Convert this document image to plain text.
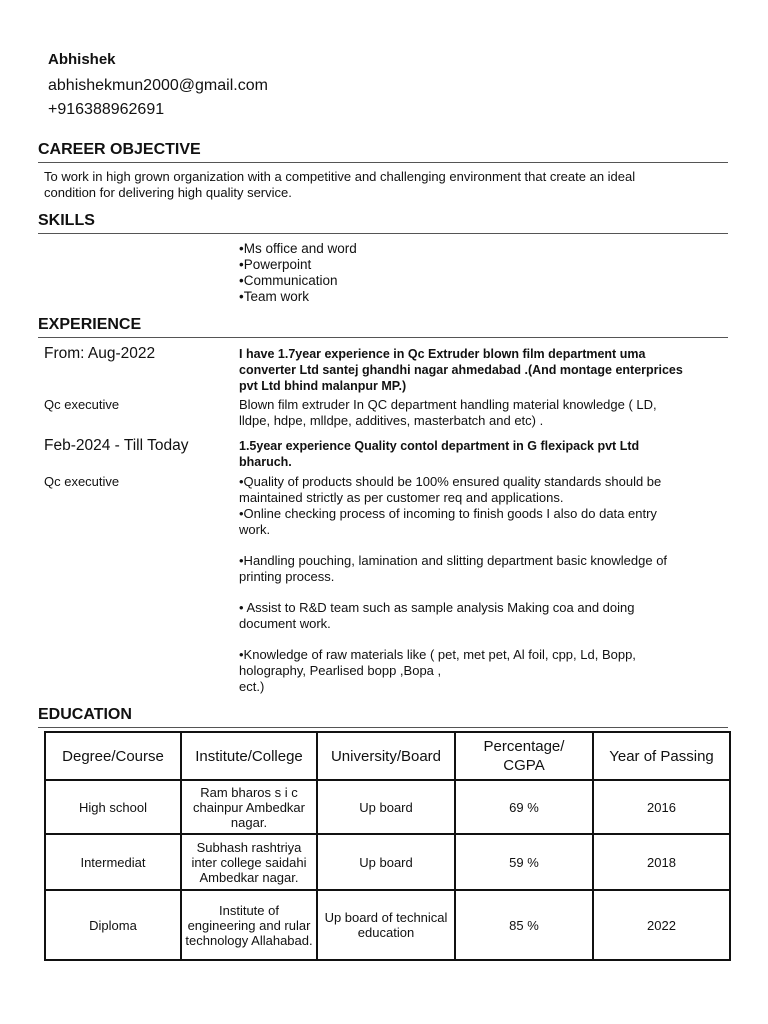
Abhishek
abhishekmun2000@gmail.com
+916388962691
CAREER OBJECTIVE
To work in high grown organization with a competitive and challenging environment that create an ideal
condition for delivering high quality service.
SKILLS
•Ms office and word
•Powerpoint
•Communication
•Team work
EXPERIENCE
From: Aug-2022	I have 1.7year experience in Qc Extruder blown film department uma

converter Ltd santej ghandhi nagar ahmedabad .(And montage enterprices

pvt Ltd bhind malanpur MP.)

Qc executive	Blown film extruder In QC department handling material knowledge ( LD,

lldpe, hdpe, mlldpe, additives, masterbatch and etc) .

Feb-2024 - Till Today	1.5year experience Quality contol department in G flexipack pvt Ltd

bharuch.

Qc executive	•Quality of products should be 100% ensured quality standards should be

maintained strictly as per customer req and applications.

•Online checking process of incoming to finish goods I also do data entry

work.

•Handling pouching, lamination and slitting department basic knowledge of

printing process.

• Assist to R&D team such as sample analysis Making coa and doing

document work.

•Knowledge of raw materials like ( pet, met pet, Al foil, cpp, Ld, Bopp,

holography, Pearlised bopp ,Bopa ,

ect.)

EDUCATION
Degree/Course	Institute/College	University/Board	Percentage/ CGPA	Year of Passing
High school	Ram bharos s i c chainpur Ambedkar nagar.	Up board	69 %	2016
Intermediat	Subhash rashtriya inter college saidahi Ambedkar nagar.	Up board	59 %	2018
Diploma	Institute of engineering and rular technology Allahabad.	Up board of technical education	85 %	2022
